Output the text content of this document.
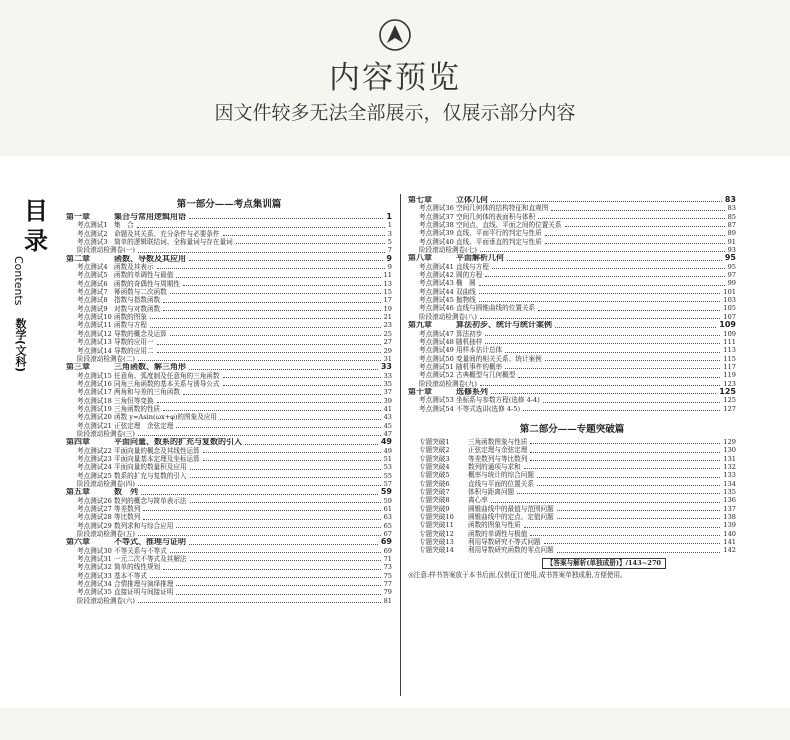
内容预览
因文件较多无法全部展示，仅展示部分内容
目录
Contents
数学(文科)
第一部分——考点集训篇
第一章	集合与常用逻辑用语	1
考点测试1 集　合	1
考点测试2 命题及其关系、充分条件与必要条件	3
考点测试3 简单的逻辑联结词、全称量词与存在量词	5
阶段滚动检测卷(一)	7
第二章	函数、导数及其应用	9
考点测试4 函数及其表示	9
考点测试5 函数的单调性与最值	11
考点测试6 函数的奇偶性与周期性	13
考点测试7 幂函数与二次函数	15
考点测试8 指数与指数函数	17
考点测试9 对数与对数函数	19
考点测试10 函数的图象	21
考点测试11 函数与方程	23
考点测试12 导数的概念及运算	25
考点测试13 导数的应用一	27
考点测试14 导数的应用二	29
阶段滚动检测卷(二)	31
第三章	三角函数、解三角形	33
考点测试15 任意角、弧度制及任意角的三角函数	33
考点测试16 同角三角函数的基本关系与诱导公式	35
考点测试17 两角和与差的三角函数	37
考点测试18 三角恒等变换	39
考点测试19 三角函数的性质	41
考点测试20 函数 y=Asin(ωx+φ)的图象及应用	43
考点测试21 正弦定理　余弦定理	45
阶段滚动检测卷(三)	47
第四章	平面向量、数系的扩充与复数的引入	49
考点测试22 平面向量的概念及其线性运算	49
考点测试23 平面向量基本定理及坐标运算	51
考点测试24 平面向量的数量积及应用	53
考点测试25 数系的扩充与复数的引入	55
阶段滚动检测卷(四)	57
第五章	数　列	59
考点测试26 数列的概念与简单表示法	59
考点测试27 等差数列	61
考点测试28 等比数列	63
考点测试29 数列求和与综合应用	65
阶段滚动检测卷(五)	67
第六章	不等式、推理与证明	69
考点测试30 不等关系与不等式	69
考点测试31 一元二次不等式及其解法	71
考点测试32 简单的线性规划	73
考点测试33 基本不等式	75
考点测试34 合情推理与演绎推理	77
考点测试35 直接证明与间接证明	79
阶段滚动检测卷(六)	81
第七章	立体几何	83
考点测试36 空间几何体的结构特征和直观图	83
考点测试37 空间几何体的表面积与体积	85
考点测试38 空间点、直线、平面之间的位置关系	87
考点测试39 直线、平面平行的判定与性质	89
考点测试40 直线、平面垂直的判定与性质	91
阶段滚动检测卷(七)	93
第八章	平面解析几何	95
考点测试41 直线与方程	95
考点测试42 圆的方程	97
考点测试43 椭　圆	99
考点测试44 双曲线	101
考点测试45 抛物线	103
考点测试46 直线与圆锥曲线的位置关系	105
阶段滚动检测卷(八)	107
第九章	算法初步、统计与统计案例	109
考点测试47 算法初步	109
考点测试48 随机抽样	111
考点测试49 用样本估计总体	113
考点测试50 变量间的相关关系、统计案例	115
考点测试51 随机事件的概率	117
考点测试52 古典概型与几何概型	119
阶段滚动检测卷(九)	123
第十章	选修系列	125
考点测试53 坐标系与参数方程(选修 4-4)	125
考点测试54 不等式选讲(选修 4-5)	127
第二部分——专题突破篇
专题突破1	三角函数图象与性质	129
专题突破2	正弦定理与余弦定理	130
专题突破3	等差数列与等比数列	131
专题突破4	数列的通项与求和	132
专题突破5	概率与统计的综合问题	133
专题突破6	直线与平面的位置关系	134
专题突破7	体积与距离问题	135
专题突破8	离心率	136
专题突破9	圆锥曲线中的最值与范围问题	137
专题突破10 圆锥曲线中的定点、定值问题	138
专题突破11 函数的图象与性质	139
专题突破12 函数的单调性与极值	140
专题突破13 利用导数研究不等式问题	141
专题突破14 利用导数研究函数的零点问题	142
【答案与解析(单独成册)】/143~270
◎注意:样书答案放于本书后面,仅供征订使用,成书答案单独成册,方便使用。
